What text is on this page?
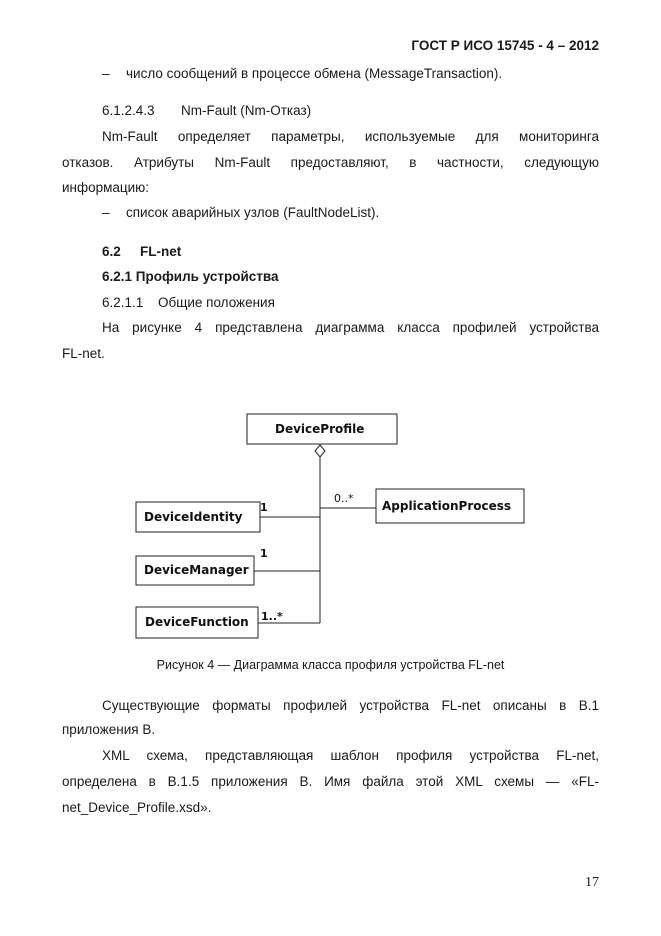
ГОСТ Р ИСО 15745 - 4 – 2012
– число сообщений в процессе обмена (MessageTransaction).
6.1.2.4.3 Nm-Fault (Nm-Отказ)
Nm-Fault определяет параметры, используемые для мониторинга
отказов. Атрибуты Nm-Fault предоставляют, в частности, следующую
информацию:
– список аварийных узлов (FaultNodeList).
6.2 FL-net
6.2.1 Профиль устройства
6.2.1.1 Общие положения
На рисунке 4 представлена диаграмма класса профилей устройства
FL-net.
DeviceProfile
ApplicationProcess
DeviceIdentity
DeviceManager
DeviceFunction
0..*
1
1
1..*
Рисунок 4 — Диаграмма класса профиля устройства FL-net
Существующие форматы профилей устройства FL-net описаны в В.1
приложения В.
XML схема, представляющая шаблон профиля устройства FL-net,
определена в В.1.5 приложения В. Имя файла этой XML схемы — «FL-
net_Device_Profile.xsd».
17
